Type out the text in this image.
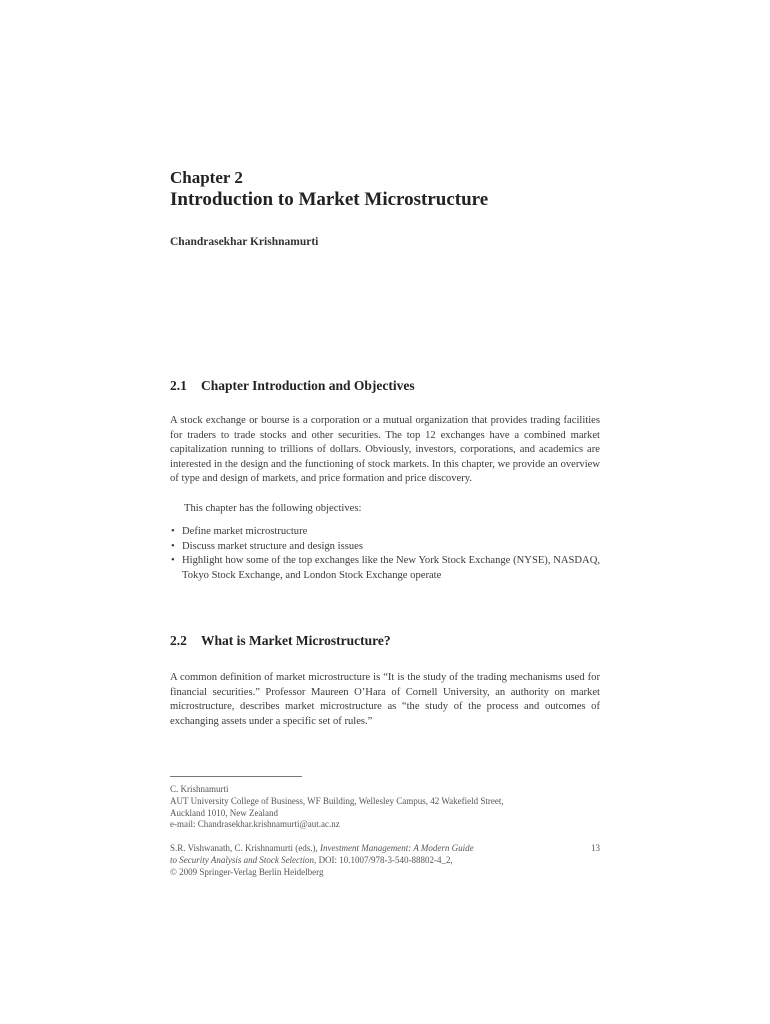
Chapter 2
Introduction to Market Microstructure
Chandrasekhar Krishnamurti
2.1 Chapter Introduction and Objectives
A stock exchange or bourse is a corporation or a mutual organization that provides trading facilities for traders to trade stocks and other securities. The top 12 exchanges have a combined market capitalization running to trillions of dollars. Obviously, investors, corporations, and academics are interested in the design and the functioning of stock markets. In this chapter, we provide an overview of type and design of markets, and price formation and price discovery.
This chapter has the following objectives:
• Define market microstructure
• Discuss market structure and design issues
• Highlight how some of the top exchanges like the New York Stock Exchange (NYSE), NASDAQ, Tokyo Stock Exchange, and London Stock Exchange operate
2.2 What is Market Microstructure?
A common definition of market microstructure is “It is the study of the trading mechanisms used for financial securities.” Professor Maureen O’Hara of Cornell University, an authority on market microstructure, describes market microstructure as “the study of the process and outcomes of exchanging assets under a specific set of rules.”
C. Krishnamurti
AUT University College of Business, WF Building, Wellesley Campus, 42 Wakefield Street,
Auckland 1010, New Zealand
e-mail: Chandrasekhar.krishnamurti@aut.ac.nz
S.R. Vishwanath, C. Krishnamurti (eds.), Investment Management: A Modern Guide
to Security Analysis and Stock Selection, DOI: 10.1007/978-3-540-88802-4_2,
© 2009 Springer-Verlag Berlin Heidelberg
13
